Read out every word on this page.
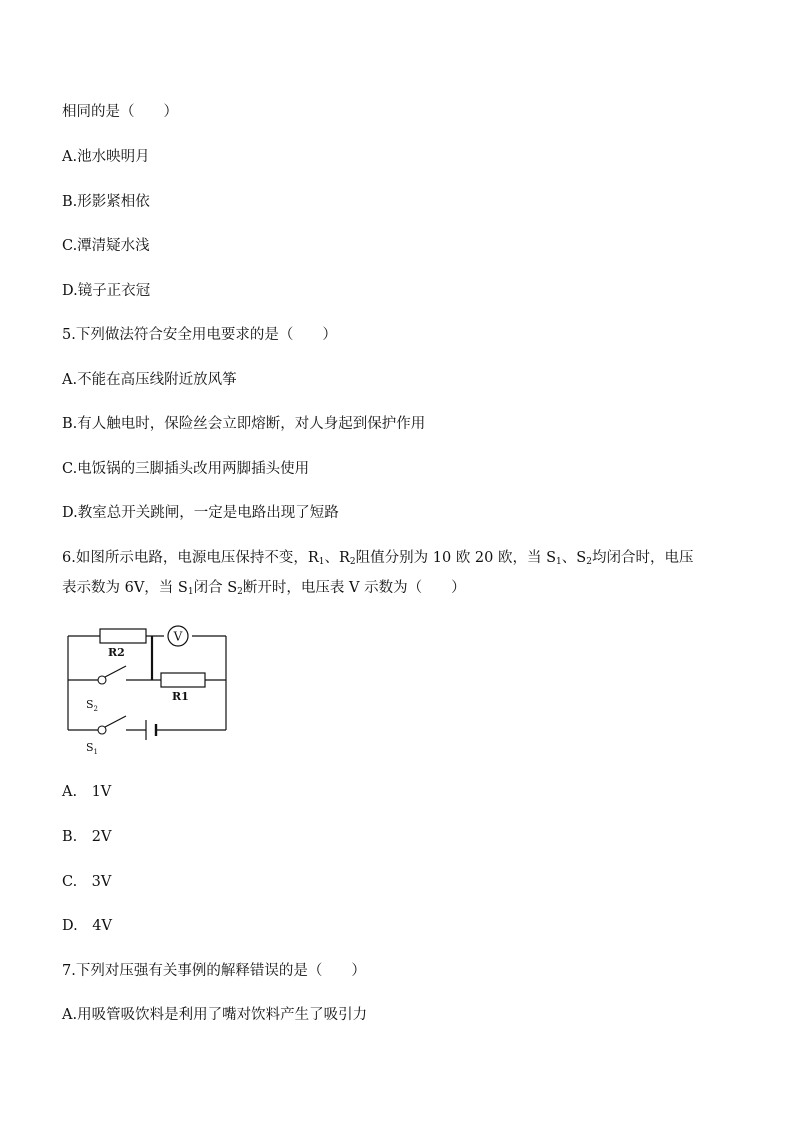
相同的是（　　）
A.池水映明月
B.形影紧相依
C.潭清疑水浅
D.镜子正衣冠
5.下列做法符合安全用电要求的是（　　）
A.不能在高压线附近放风筝
B.有人触电时，保险丝会立即熔断，对人身起到保护作用
C.电饭锅的三脚插头改用两脚插头使用
D.教室总开关跳闸，一定是电路出现了短路
6.如图所示电路，电源电压保持不变，$R_1$、$R_2$阻值分别为 10 欧 20 欧，当 $S_1$、$S_2$均闭合时，电压
表示数为 6V，当 $S_1$闭合 $S_2$断开时，电压表 V 示数为（　　）
V
R2
R1
$S_2$
$S_1$
A.　1V
B.　2V
C.　3V
D.　4V
7.下列对压强有关事例的解释错误的是（　　）
A.用吸管吸饮料是利用了嘴对饮料产生了吸引力
